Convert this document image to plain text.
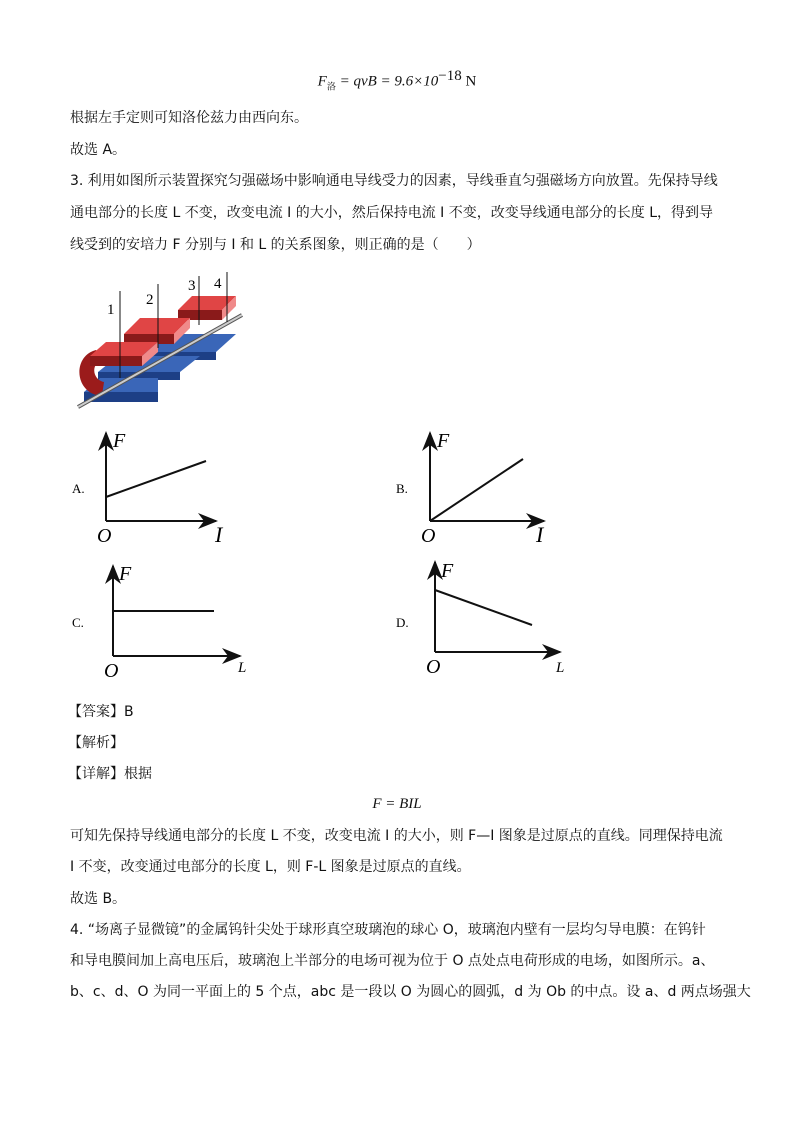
$F_洛$ = qvB = $9.6\times 10^{-18}$ N
根据左手定则可知洛伦兹力由西向东。
故选 A。
3. 利用如图所示装置探究匀强磁场中影响通电导线受力的因素，导线垂直匀强磁场方向放置。先保持导线
通电部分的长度 L 不变，改变电流 I 的大小，然后保持电流 I 不变，改变导线通电部分的长度 L，得到导
线受到的安培力 F 分别与 I 和 L 的关系图象，则正确的是（　　）
1
2
3 4
A.
F
O	I
B.
F
O	I
C.
F
O	L
D.
F
O	L
【答案】B
【解析】
【详解】根据
F = BIL
可知先保持导线通电部分的长度 L 不变，改变电流 I 的大小，则 F—I 图象是过原点的直线。同理保持电流
I 不变，改变通过电部分的长度 L，则 F-L 图象是过原点的直线。
故选 B。
4. “场离子显微镜”的金属钨针尖处于球形真空玻璃泡的球心 O，玻璃泡内壁有一层均匀导电膜：在钨针
和导电膜间加上高电压后，玻璃泡上半部分的电场可视为位于 O 点处点电荷形成的电场，如图所示。a、
b、c、d、O 为同一平面上的 5 个点，abc 是一段以 O 为圆心的圆弧，d 为 Ob 的中点。设 a、d 两点场强大
